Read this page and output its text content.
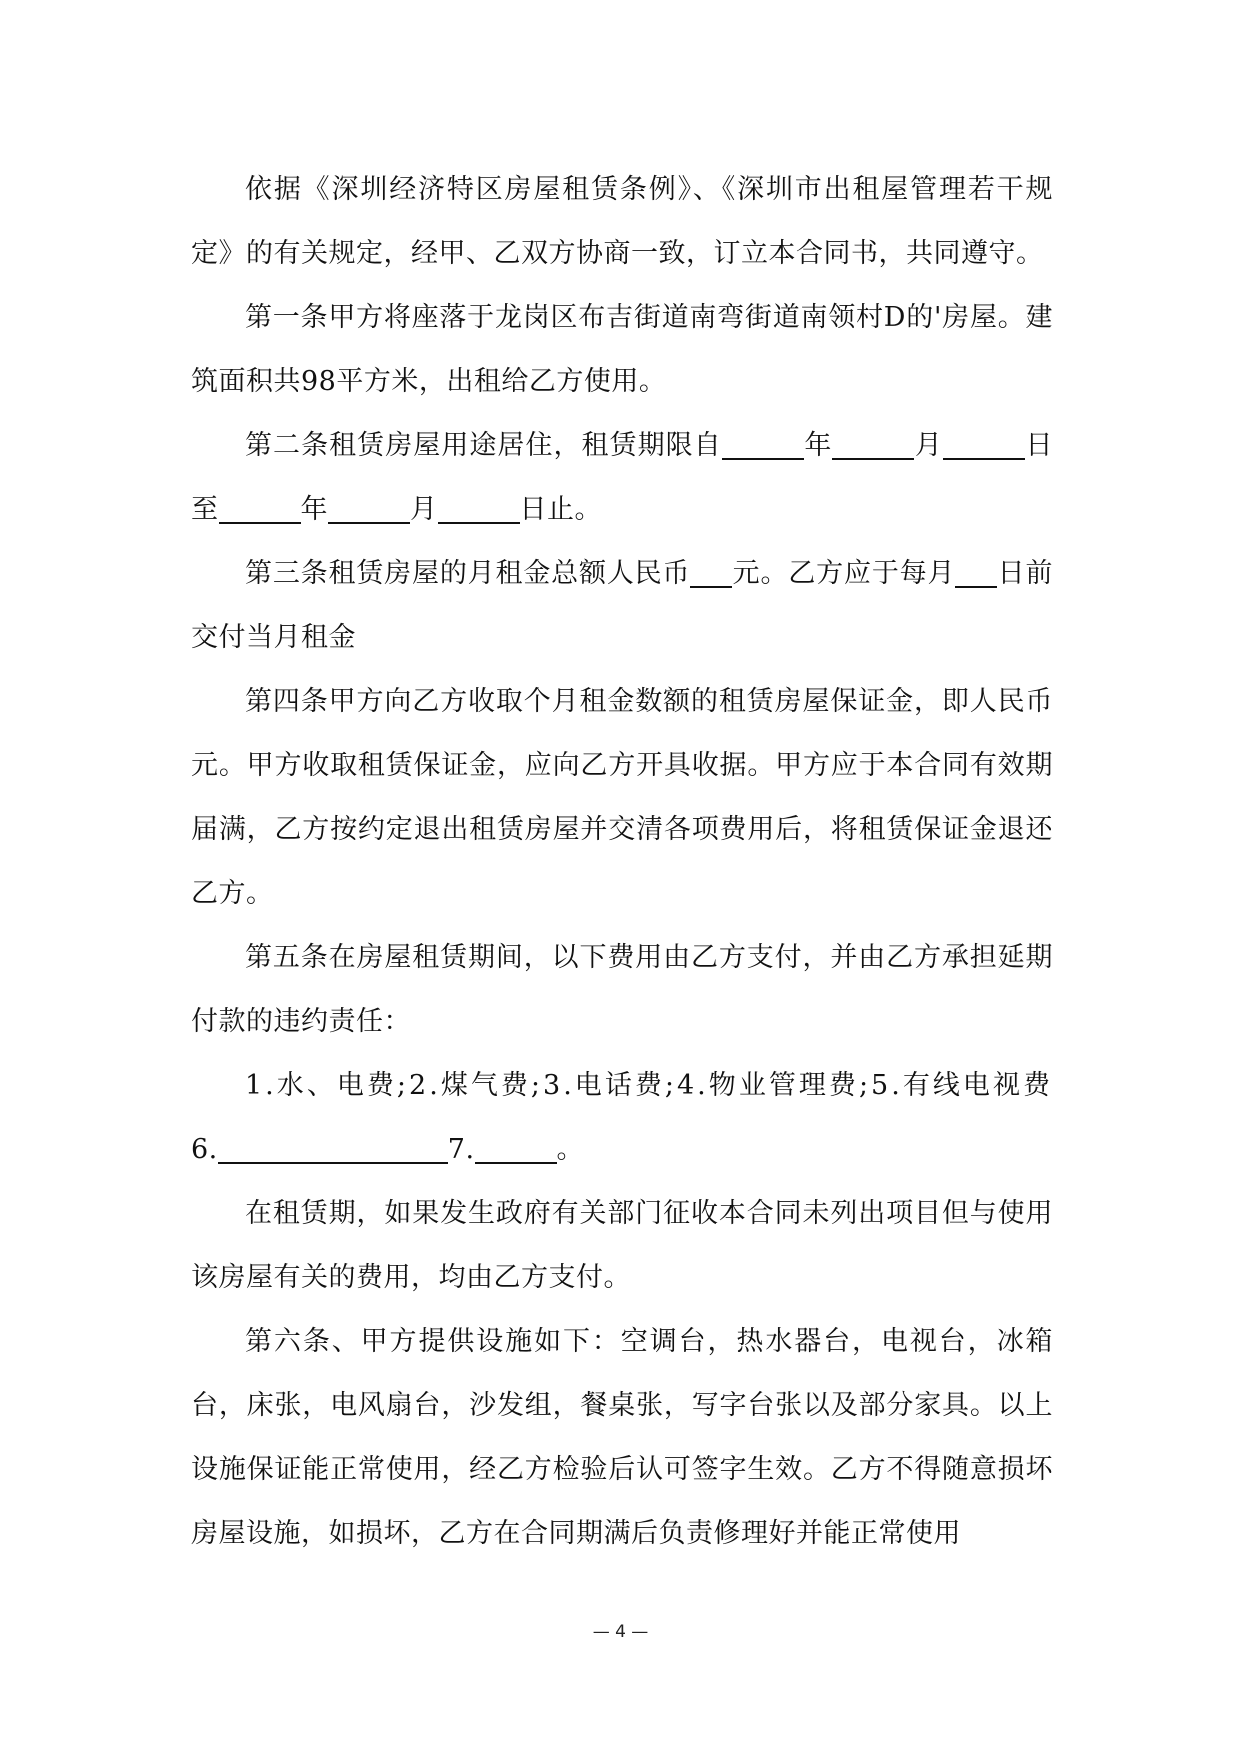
依据《深圳经济特区房屋租赁条例》、《深圳市出租屋管理若干规定》的有关规定，经甲、乙双方协商一致，订立本合同书，共同遵守。

第一条甲方将座落于龙岗区布吉街道南弯街道南领村D的'房屋。建筑面积共98平方米，出租给乙方使用。

第二条租赁房屋用途居住，租赁期限自	年	月	日至	年	月	日止。

第三条租赁房屋的月租金总额人民币 元。乙方应于每月 日前交付当月租金

第四条甲方向乙方收取个月租金数额的租赁房屋保证金，即人民币元。甲方收取租赁保证金，应向乙方开具收据。甲方应于本合同有效期届满，乙方按约定退出租赁房屋并交清各项费用后，将租赁保证金退还乙方。

第五条在房屋租赁期间，以下费用由乙方支付，并由乙方承担延期付款的违约责任：

1.水、电费;2.煤气费;3.电话费;4.物业管理费;5.有线电视费

6.	7.	。

在租赁期，如果发生政府有关部门征收本合同未列出项目但与使用该房屋有关的费用，均由乙方支付。

第六条、甲方提供设施如下：空调台，热水器台，电视台，冰箱台，床张，电风扇台，沙发组，餐桌张，写字台张以及部分家具。以上设施保证能正常使用，经乙方检验后认可签字生效。乙方不得随意损坏房屋设施，如损坏，乙方在合同期满后负责修理好并能正常使用

— 4 —
